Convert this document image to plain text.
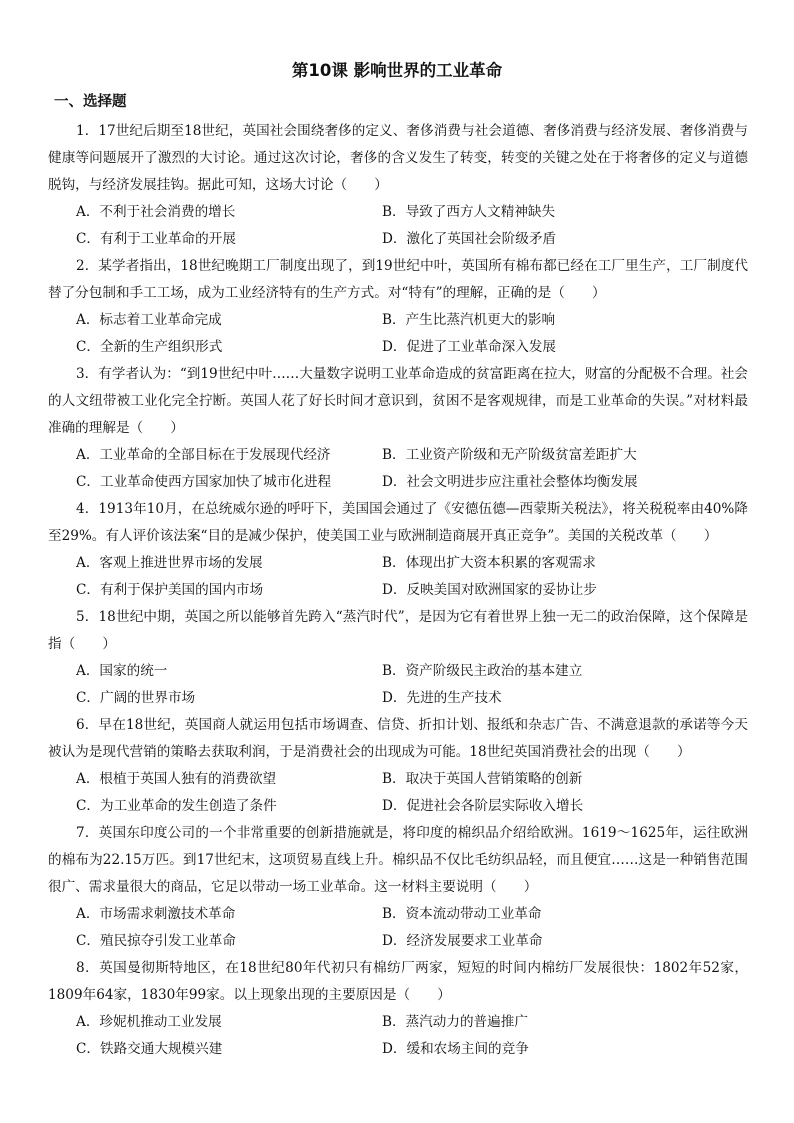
第10课 影响世界的工业革命
一、选择题

1．17世纪后期至18世纪，英国社会围绕奢侈的定义、奢侈消费与社会道德、奢侈消费与经济发展、奢侈消费与健康等问题展开了激烈的大讨论。通过这次讨论，奢侈的含义发生了转变，转变的关键之处在于将奢侈的定义与道德脱钩，与经济发展挂钩。据此可知，这场大讨论（　　）

A．不利于社会消费的增长	B．导致了西方人文精神缺失
C．有利于工业革命的开展	D．激化了英国社会阶级矛盾

2．某学者指出，18世纪晚期工厂制度出现了，到19世纪中叶，英国所有棉布都已经在工厂里生产，工厂制度代替了分包制和手工工场，成为工业经济特有的生产方式。对“特有”的理解，正确的是（　　）

A．标志着工业革命完成	B．产生比蒸汽机更大的影响
C．全新的生产组织形式	D．促进了工业革命深入发展

3．有学者认为：“到19世纪中叶……大量数字说明工业革命造成的贫富距离在拉大，财富的分配极不合理。社会的人文纽带被工业化完全拧断。英国人花了好长时间才意识到，贫困不是客观规律，而是工业革命的失误。”对材料最准确的理解是（　　）

A．工业革命的全部目标在于发展现代经济	B．工业资产阶级和无产阶级贫富差距扩大
C．工业革命使西方国家加快了城市化进程	D．社会文明进步应注重社会整体均衡发展

4．1913年10月，在总统威尔逊的呼吁下，美国国会通过了《安德伍德—西蒙斯关税法》，将关税税率由40%降至29%。有人评价该法案“目的是减少保护，使美国工业与欧洲制造商展开真正竞争”。美国的关税改革（　　）

A．客观上推进世界市场的发展	B．体现出扩大资本积累的客观需求
C．有利于保护美国的国内市场	D．反映美国对欧洲国家的妥协让步

5．18世纪中期，英国之所以能够首先跨入“蒸汽时代”，是因为它有着世界上独一无二的政治保障，这个保障是指（　　）

A．国家的统一	B．资产阶级民主政治的基本建立
C．广阔的世界市场	D．先进的生产技术

6．早在18世纪，英国商人就运用包括市场调查、信贷、折扣计划、报纸和杂志广告、不满意退款的承诺等今天被认为是现代营销的策略去获取利润，于是消费社会的出现成为可能。18世纪英国消费社会的出现（　　）

A．根植于英国人独有的消费欲望	B．取决于英国人营销策略的创新
C．为工业革命的发生创造了条件	D．促进社会各阶层实际收入增长

7．英国东印度公司的一个非常重要的创新措施就是，将印度的棉织品介绍给欧洲。1619～1625年，运往欧洲的棉布为22.15万匹。到17世纪末，这项贸易直线上升。棉织品不仅比毛纺织品轻，而且便宜……这是一种销售范围很广、需求量很大的商品，它足以带动一场工业革命。这一材料主要说明（　　）

A．市场需求刺激技术革命	B．资本流动带动工业革命
C．殖民掠夺引发工业革命	D．经济发展要求工业革命

8．英国曼彻斯特地区，在18世纪80年代初只有棉纺厂两家，短短的时间内棉纺厂发展很快：1802年52家，1809年64家，1830年99家。以上现象出现的主要原因是（　　）

A．珍妮机推动工业发展	B．蒸汽动力的普遍推广
C．铁路交通大规模兴建	D．缓和农场主间的竞争
